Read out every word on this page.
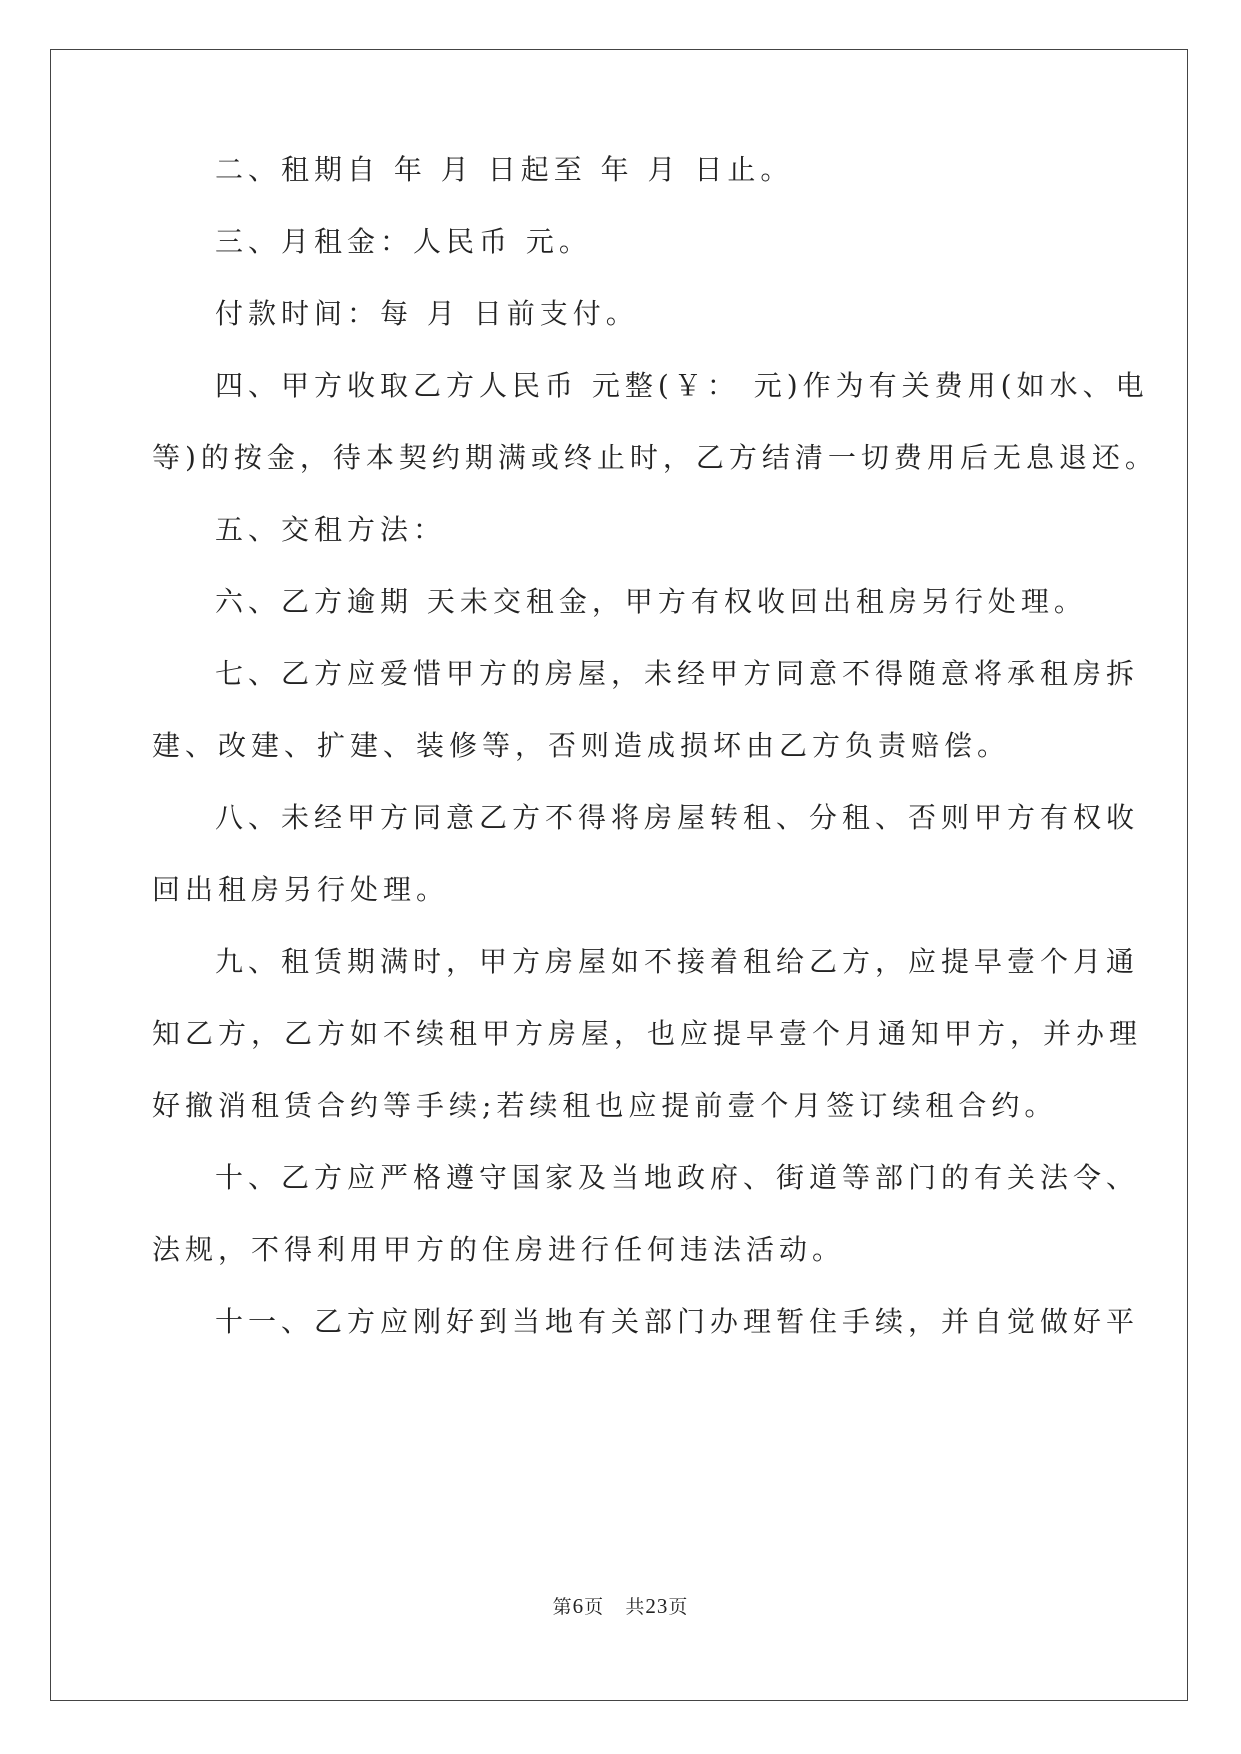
二、租期自 年 月 日起至 年 月 日止。
三、月租金：人民币 元。
付款时间：每 月 日前支付。
四、甲方收取乙方人民币 元整(￥： 元)作为有关费用(如水、电
等)的按金，待本契约期满或终止时，乙方结清一切费用后无息退还。
五、交租方法：
六、乙方逾期 天未交租金，甲方有权收回出租房另行处理。
七、乙方应爱惜甲方的房屋，未经甲方同意不得随意将承租房拆
建、改建、扩建、装修等，否则造成损坏由乙方负责赔偿。
八、未经甲方同意乙方不得将房屋转租、分租、否则甲方有权收
回出租房另行处理。
九、租赁期满时，甲方房屋如不接着租给乙方，应提早壹个月通
知乙方，乙方如不续租甲方房屋，也应提早壹个月通知甲方，并办理
好撤消租赁合约等手续;若续租也应提前壹个月签订续租合约。
十、乙方应严格遵守国家及当地政府、街道等部门的有关法令、
法规，不得利用甲方的住房进行任何违法活动。
十一、乙方应刚好到当地有关部门办理暂住手续，并自觉做好平
第6页 共23页
